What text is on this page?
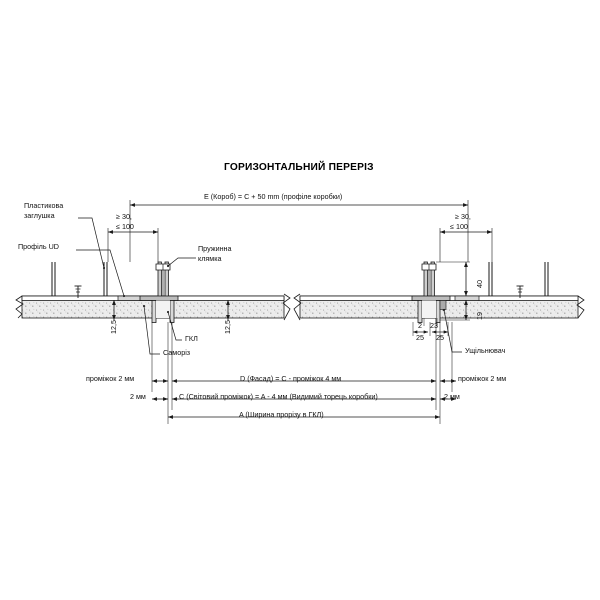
ГОРИЗОНТАЛЬНИЙ ПЕРЕРІЗ
E (Короб) = C + 50 mm (профіле коробки)
≥ 30,
≤ 100
≥ 30,
≤ 100
Пластикова
заглушка
Профіль UD	Пружинна
клямка
ГКЛ
Саморіз	Ущільнювач
12,5	12,5
40
19
2 23
25 25
проміжок 2 мм	D (Фасад) = C - проміжок 4 мм	проміжок 2 мм
2 мм	C (Світовий проміжок) = A - 4 мм (Видимий торець коробки)	2 мм
A (Ширина прорізу в ГКЛ)
